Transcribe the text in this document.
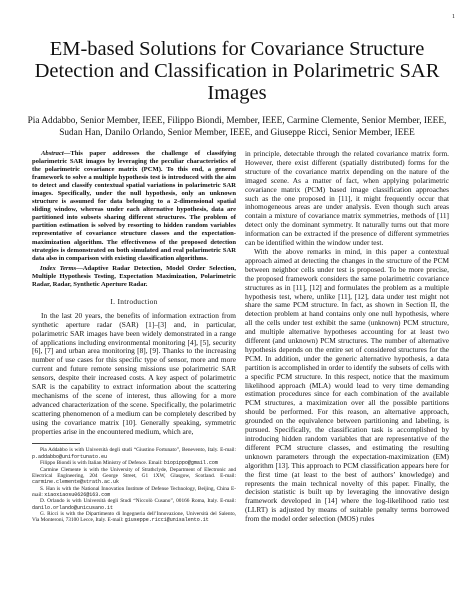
1
EM-based Solutions for Covariance Structure Detection and Classification in Polarimetric SAR Images
Pia Addabbo, Senior Member, IEEE, Filippo Biondi, Member, IEEE, Carmine Clemente, Senior Member, IEEE,
Sudan Han, Danilo Orlando, Senior Member, IEEE, and Giuseppe Ricci, Senior Member, IEEE

Abstract—This paper addresses the challenge of classifying polarimetric SAR images by leveraging the peculiar characteristics of the polarimetric covariance matrix (PCM). To this end, a general framework to solve a multiple hypothesis test is introduced with the aim to detect and classify contextual spatial variations in polarimetric SAR images. Specifically, under the null hypothesis, only an unknown structure is assumed for data belonging to a 2-dimensional spatial sliding window, whereas under each alternative hypothesis, data are partitioned into subsets sharing different structures. The problem of partition estimation is solved by resorting to hidden random variables representative of covariance structure classes and the expectation-maximization algorithm. The effectiveness of the proposed detection strategies is demonstrated on both simulated and real polarimetric SAR data also in comparison with existing classification algorithms.

Index Terms—Adaptive Radar Detection, Model Order Selection, Multiple Hypothesis Testing, Expectation Maximization, Polarimetric Radar, Radar, Synthetic Aperture Radar.

I. Introduction

In the last 20 years, the benefits of information extraction from synthetic aperture radar (SAR) [1]–[3] and, in particular, polarimetric SAR images have been widely demonstrated in a range of applications including environmental monitoring [4], [5], security [6], [7] and urban area monitoring [8], [9]. Thanks to the increasing number of use cases for this specific type of sensor, more and more current and future remote sensing missions use polarimetric SAR sensors, despite their increased costs. A key aspect of polarimetric SAR is the capability to extract information about the scattering mechanisms of the scene of interest, thus allowing for a more advanced characterization of the scene. Specifically, the polarimetric scattering phenomenon of a medium can be completely described by using the covariance matrix [10]. Generally speaking, symmetric properties arise in the encountered medium, which are,

Pia Addabbo is with Università degli studi “Giustino Fortunato”, Benevento, Italy. E-mail: p.addabbo@unifortunato.eu

Filippo Biondi is with Italian Ministry of Defence. Email: biopippo@gmail.com

Carmine Clemente is with the University of Strathclyde, Department of Electronic and Electrical Engineering, 204 George Street, G1 1XW, Glasgow, Scotland. E-mail: carmine.clemente@strath.ac.uk

S. Han is with the National Innovation Institute of Defense Technology, Beijing, China E-mail: xiaoxiaosu0626@163.com

D. Orlando is with Università degli Studi “Niccolò Cusano”, 00166 Roma, Italy. E-mail: danilo.orlando@unicusano.it

G. Ricci is with the Dipartimento di Ingegneria dell’Innovazione, Università del Salento, Via Monteroni, 73100 Lecce, Italy. E-mail: giuseppe.ricci@unisalento.it

in principle, detectable through the related covariance matrix form. However, there exist different (spatially distributed) forms for the structure of the covariance matrix depending on the nature of the imaged scene. As a matter of fact, when applying polarimetric covariance matrix (PCM) based image classification approaches such as the one proposed in [11], it might frequently occur that inhomogeneous areas are under analysis. Even though such areas contain a mixture of covariance matrix symmetries, methods of [11] detect only the dominant symmetry. It naturally turns out that more information can be extracted if the presence of different symmetries can be identified within the window under test.

With the above remarks in mind, in this paper a contextual approach aimed at detecting the changes in the structure of the PCM between neighbor cells under test is proposed. To be more precise, the proposed framework considers the same polarimetric covariance structures as in [11], [12] and formulates the problem as a multiple hypothesis test, where, unlike [11], [12], data under test might not share the same PCM structure. In fact, as shown in Section II, the detection problem at hand contains only one null hypothesis, where all the cells under test exhibit the same (unknown) PCM structure, and multiple alternative hypotheses accounting for at least two different (and unknown) PCM structures. The number of alternative hypothesis depends on the entire set of considered structures for the PCM. In addition, under the generic alternative hypothesis, a data partition is accomplished in order to identify the subsets of cells with a specific PCM structure. In this respect, notice that the maximum likelihood approach (MLA) would lead to very time demanding estimation procedures since for each combination of the available PCM structures, a maximization over all the possible partitions should be performed. For this reason, an alternative approach, grounded on the equivalence between partitioning and labeling, is pursued. Specifically, the classification task is accomplished by introducing hidden random variables that are representative of the different PCM structure classes, and estimating the resulting unknown parameters through the expectation-maximization (EM) algorithm [13]. This approach to PCM classification appears here for the first time (at least to the best of authors’ knowledge) and represents the main technical novelty of this paper. Finally, the decision statistic is built up by leveraging the innovative design framework developed in [14] where the log-likelihood ratio test (LLRT) is adjusted by means of suitable penalty terms borrowed from the model order selection (MOS) rules
